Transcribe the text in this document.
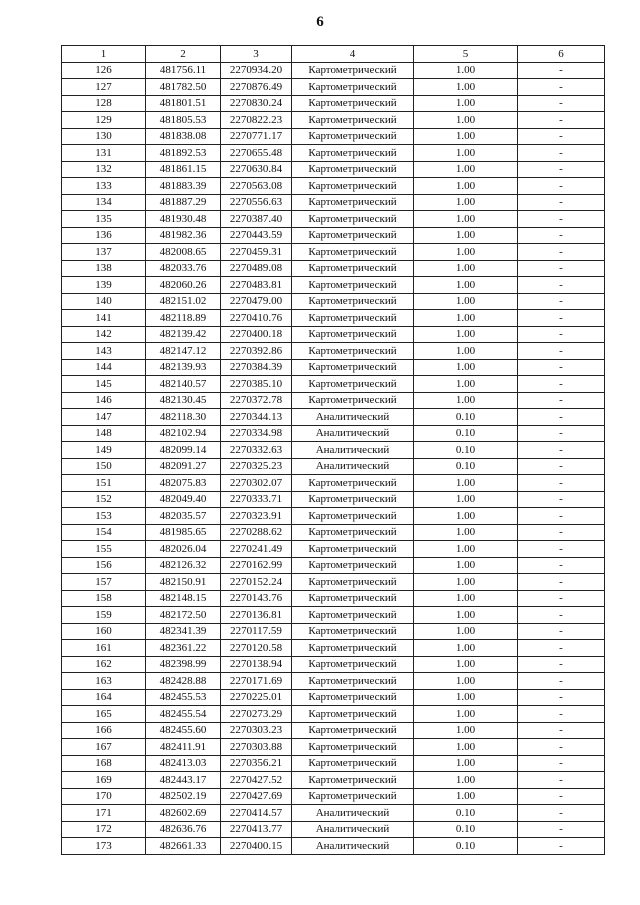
6
1	2	3	4	5	6
126	481756.11	2270934.20	Картометрический	1.00	-
127	481782.50	2270876.49	Картометрический	1.00	-
128	481801.51	2270830.24	Картометрический	1.00	-
129	481805.53	2270822.23	Картометрический	1.00	-
130	481838.08	2270771.17	Картометрический	1.00	-
131	481892.53	2270655.48	Картометрический	1.00	-
132	481861.15	2270630.84	Картометрический	1.00	-
133	481883.39	2270563.08	Картометрический	1.00	-
134	481887.29	2270556.63	Картометрический	1.00	-
135	481930.48	2270387.40	Картометрический	1.00	-
136	481982.36	2270443.59	Картометрический	1.00	-
137	482008.65	2270459.31	Картометрический	1.00	-
138	482033.76	2270489.08	Картометрический	1.00	-
139	482060.26	2270483.81	Картометрический	1.00	-
140	482151.02	2270479.00	Картометрический	1.00	-
141	482118.89	2270410.76	Картометрический	1.00	-
142	482139.42	2270400.18	Картометрический	1.00	-
143	482147.12	2270392.86	Картометрический	1.00	-
144	482139.93	2270384.39	Картометрический	1.00	-
145	482140.57	2270385.10	Картометрический	1.00	-
146	482130.45	2270372.78	Картометрический	1.00	-
147	482118.30	2270344.13	Аналитический	0.10	-
148	482102.94	2270334.98	Аналитический	0.10	-
149	482099.14	2270332.63	Аналитический	0.10	-
150	482091.27	2270325.23	Аналитический	0.10	-
151	482075.83	2270302.07	Картометрический	1.00	-
152	482049.40	2270333.71	Картометрический	1.00	-
153	482035.57	2270323.91	Картометрический	1.00	-
154	481985.65	2270288.62	Картометрический	1.00	-
155	482026.04	2270241.49	Картометрический	1.00	-
156	482126.32	2270162.99	Картометрический	1.00	-
157	482150.91	2270152.24	Картометрический	1.00	-
158	482148.15	2270143.76	Картометрический	1.00	-
159	482172.50	2270136.81	Картометрический	1.00	-
160	482341.39	2270117.59	Картометрический	1.00	-
161	482361.22	2270120.58	Картометрический	1.00	-
162	482398.99	2270138.94	Картометрический	1.00	-
163	482428.88	2270171.69	Картометрический	1.00	-
164	482455.53	2270225.01	Картометрический	1.00	-
165	482455.54	2270273.29	Картометрический	1.00	-
166	482455.60	2270303.23	Картометрический	1.00	-
167	482411.91	2270303.88	Картометрический	1.00	-
168	482413.03	2270356.21	Картометрический	1.00	-
169	482443.17	2270427.52	Картометрический	1.00	-
170	482502.19	2270427.69	Картометрический	1.00	-
171	482602.69	2270414.57	Аналитический	0.10	-
172	482636.76	2270413.77	Аналитический	0.10	-
173	482661.33	2270400.15	Аналитический	0.10	-
